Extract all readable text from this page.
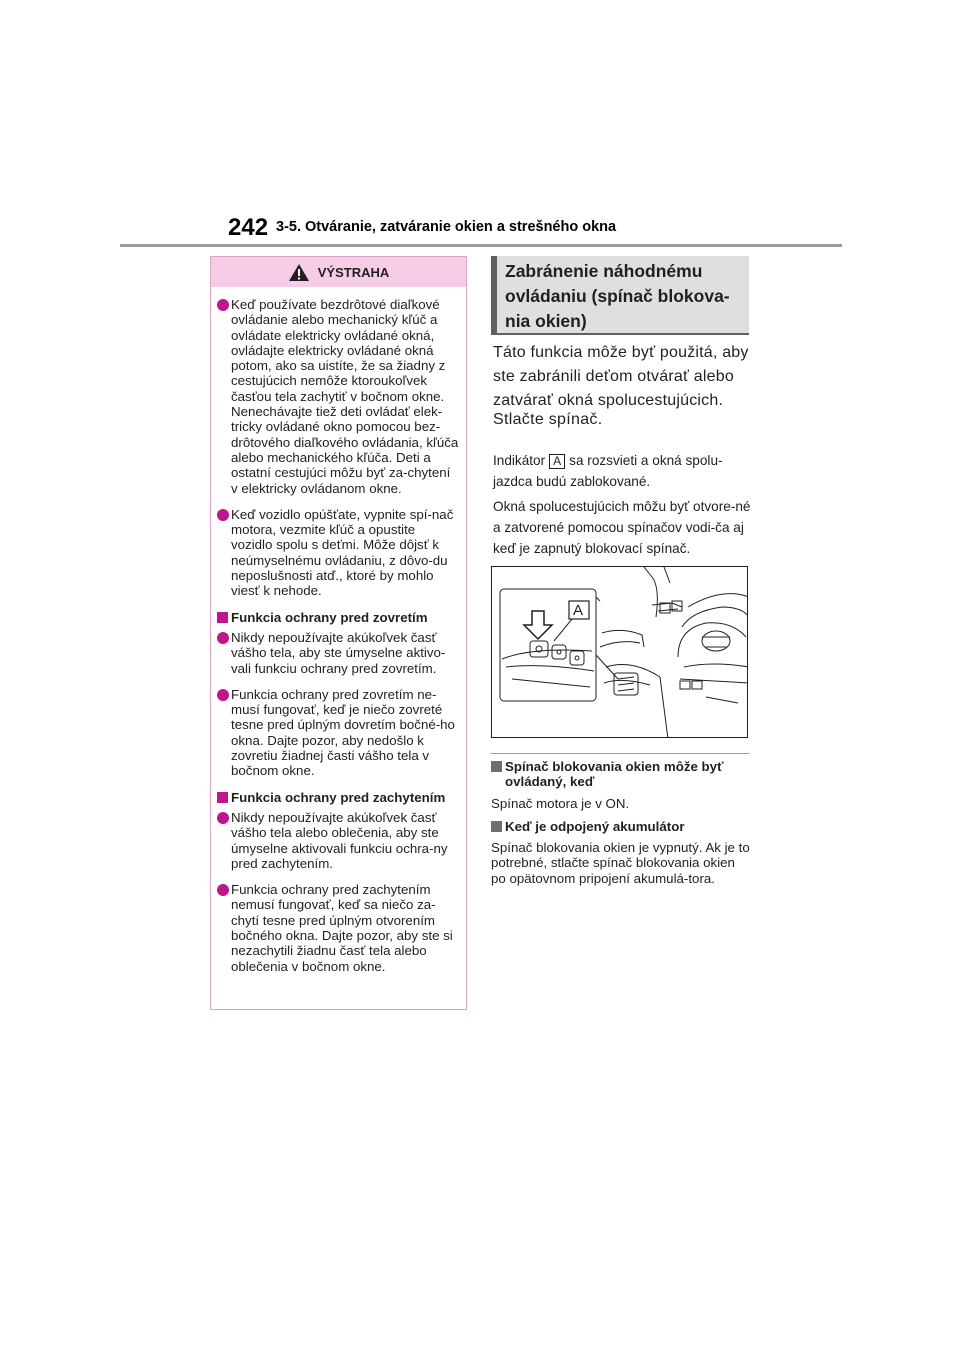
242 3-5. Otváranie, zatváranie okien a strešného okna
VÝSTRAHA
Keď používate bezdrôtové diaľkové ovládanie alebo mechanický kľúč a ovládate elektricky ovládané okná, ovládajte elektricky ovládané okná potom, ako sa uistíte, že sa žiadny z cestujúcich nemôže ktoroukoľvek časťou tela zachytiť v bočnom okne. Nenechávajte tiež deti ovládať elek-tricky ovládané okno pomocou bez-drôtového diaľkového ovládania, kľúča alebo mechanického kľúča. Deti a ostatní cestujúci môžu byť za-chytení v elektricky ovládanom okne.
Keď vozidlo opúšťate, vypnite spí-nač motora, vezmite kľúč a opustite vozidlo spolu s deťmi. Môže dôjsť k neúmyselnému ovládaniu, z dôvo-du neposlušnosti atď., ktoré by mohlo viesť k nehode.
Funkcia ochrany pred zovretím
Nikdy nepoužívajte akúkoľvek časť vášho tela, aby ste úmyselne aktivo-vali funkciu ochrany pred zovretím.
Funkcia ochrany pred zovretím ne-musí fungovať, keď je niečo zovreté tesne pred úplným dovretím bočné-ho okna. Dajte pozor, aby nedošlo k zovretiu žiadnej časti vášho tela v bočnom okne.
Funkcia ochrany pred zachytením
Nikdy nepoužívajte akúkoľvek časť vášho tela alebo oblečenia, aby ste úmyselne aktivovali funkciu ochra-ny pred zachytením.
Funkcia ochrany pred zachytením nemusí fungovať, keď sa niečo za-chytí tesne pred úplným otvorením bočného okna. Dajte pozor, aby ste si nezachytili žiadnu časť tela alebo oblečenia v bočnom okne.
Zabránenie náhodnému ovládaniu (spínač blokova-nia okien)

Táto funkcia môže byť použitá, aby ste zabránili deťom otvárať alebo zatvárať okná spolucestujúcich.

Stlačte spínač.
Indikátor A sa rozsvieti a okná spolu-jazdca budú zablokované.
Okná spolucestujúcich môžu byť otvore-né a zatvorené pomocou spínačov vodi-ča aj keď je zapnutý blokovací spínač.
A
Spínač blokovania okien môže byť ovládaný, keď
Spínač motora je v ON.
Keď je odpojený akumulátor
Spínač blokovania okien je vypnutý. Ak je to potrebné, stlačte spínač blokovania okien po opätovnom pripojení akumulá-tora.
